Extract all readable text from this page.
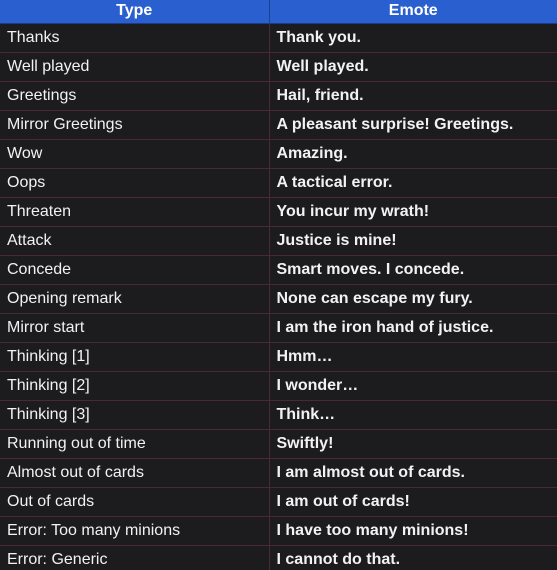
Type	Emote
Thanks	Thank you.
Well played	Well played.
Greetings	Hail, friend.
Mirror Greetings	A pleasant surprise! Greetings.
Wow	Amazing.
Oops	A tactical error.
Threaten	You incur my wrath!
Attack	Justice is mine!
Concede	Smart moves. I concede.
Opening remark	None can escape my fury.
Mirror start	I am the iron hand of justice.
Thinking [1]	Hmm…
Thinking [2]	I wonder…
Thinking [3]	Think…
Running out of time	Swiftly!
Almost out of cards	I am almost out of cards.
Out of cards	I am out of cards!
Error: Too many minions	I have too many minions!
Error: Generic	I cannot do that.
